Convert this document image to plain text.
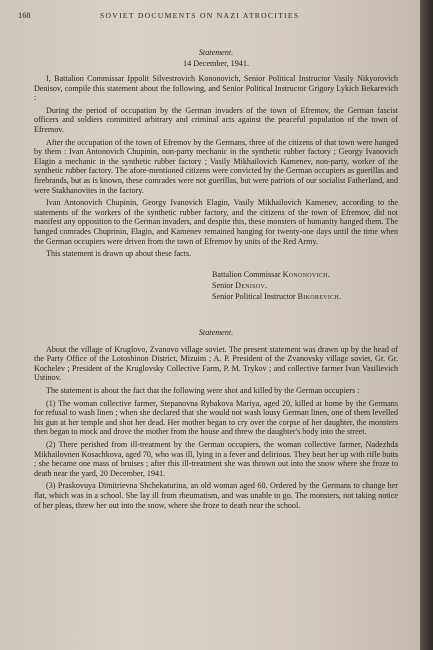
168	SOVIET DOCUMENTS ON NAZI ATROCITIES
Statement.
14 December, 1941.

I, Battalion Commissar Ippolit Silvestrovich Kononovich, Senior Political Instructor Vasily Nikyorovich Denisov, compile this statement about the following, and Senior Political Instructor Grigory Lykich Bekarevich :

During the period of occupation by the German invaders of the town of Efremov, the German fascist officers and soldiers committed arbitrary and criminal acts against the peaceful population of the town of Efremov.

After the occupation of the town of Efremov by the Germans, three of the citizens of that town were hanged by them : Ivan Antonovich Chupinin, non-party mechanic in the synthetic rubber factory ; Georgy Ivanovich Elagin a mechanic in the synthetic rubber factory ; Vasily Mikhailovich Kamenev, non-party, worker of the synthetic rubber factory. The afore-mentioned citizens were convicted by the German occupiers as guerillas and firebrands, but as is known, these comrades were not guerillas, but were patriots of our socialist Fatherland, and were Stakhanovites in the factory.

Ivan Antonovich Chupinin, Georgy Ivanovich Elagin, Vasily Mikhailovich Kamenev, according to the statements of the workers of the synthetic rubber factory, and the citizens of the town of Efremov, did not manifest any opposition to the German invaders, and despite this, these monsters of humanity hanged them. The hanged comrades Chuprinin, Elagin, and Kamenev remained hanging for twenty-one days until the time when the German occupiers were driven from the town of Efremov by units of the Red Army.

This statement is drawn up about these facts.

Battalion Commissar Kononovich.
Senior Denisov.
Senior Political Instructor Bikorevich.
Statement.

About the village of Kruglovo, Zvanovo village soviet. The present statement was drawn up by the head of the Party Office of the Lotoshinon District, Mizuim ; A. P. President of the Zvanovsky village soviet, Gr. Gr. Kochelev ; President of the Kruglovsky Collective Farm, P. M. Trykov ; and collective farmer Ivan Vasilievich Ustinov.

The statement is about the fact that the following were shot and killed by the German occupiers :

(1) The woman collective farmer, Stepanovna Rybakova Mariya, aged 20, killed at home by the Germans for refusal to wash linen ; when she declared that she would not wash lousy German linen, one of them levelled his gun at her temple and shot her dead. Her mother began to cry over the corpse of her daughter, the monsters then began to mock and drove the mother from the house and threw the daughter's body into the street.

(2) There perished from ill-treatment by the German occupiers, the woman collective farmer, Nadezhda Mikhailovnen Kosachkova, aged 70, who was ill, lying in a fever and delirious. They beat her up with rifle butts ; she became one mass of bruises ; after this ill-treatment she was thrown out into the snow where she froze to death near the yard, 20 December, 1941.

(3) Praskovuya Dimitrievna Shchekaturina, an old woman aged 60. Ordered by the Germans to change her flat, which was in a school. She lay ill from rheumatism, and was unable to go. The monsters, not taking notice of her pleas, threw her out into the snow, where she froze to death near the school.
